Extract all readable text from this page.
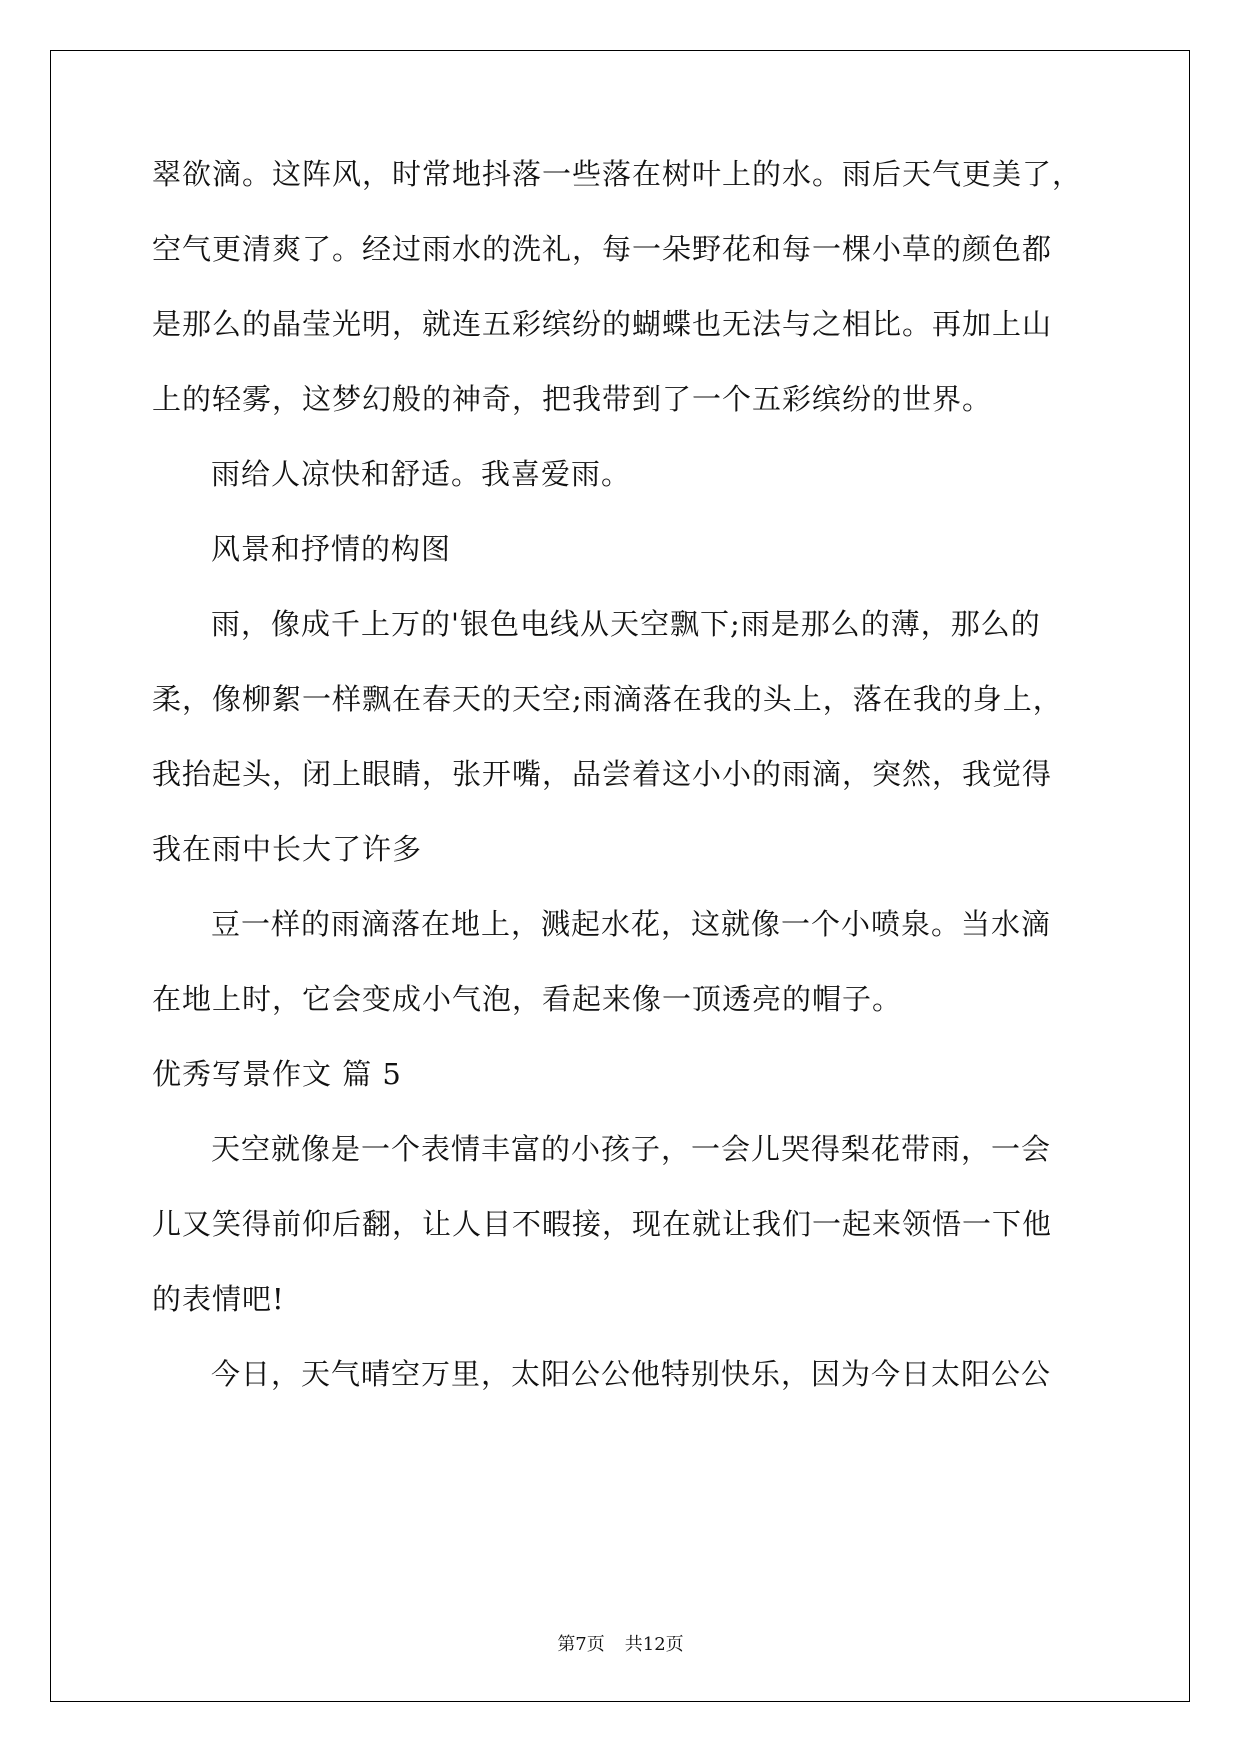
翠欲滴。这阵风，时常地抖落一些落在树叶上的水。雨后天气更美了，

空气更清爽了。经过雨水的洗礼，每一朵野花和每一棵小草的颜色都

是那么的晶莹光明，就连五彩缤纷的蝴蝶也无法与之相比。再加上山

上的轻雾，这梦幻般的神奇，把我带到了一个五彩缤纷的世界。

雨给人凉快和舒适。我喜爱雨。

风景和抒情的构图

雨，像成千上万的'银色电线从天空飘下;雨是那么的薄，那么的

柔，像柳絮一样飘在春天的天空;雨滴落在我的头上，落在我的身上，

我抬起头，闭上眼睛，张开嘴，品尝着这小小的雨滴，突然，我觉得

我在雨中长大了许多

豆一样的雨滴落在地上，溅起水花，这就像一个小喷泉。当水滴

在地上时，它会变成小气泡，看起来像一顶透亮的帽子。

优秀写景作文 篇 5

天空就像是一个表情丰富的小孩子，一会儿哭得梨花带雨，一会

儿又笑得前仰后翻，让人目不暇接，现在就让我们一起来领悟一下他

的表情吧!

今日，天气晴空万里，太阳公公他特别快乐，因为今日太阳公公

第7页 共12页
